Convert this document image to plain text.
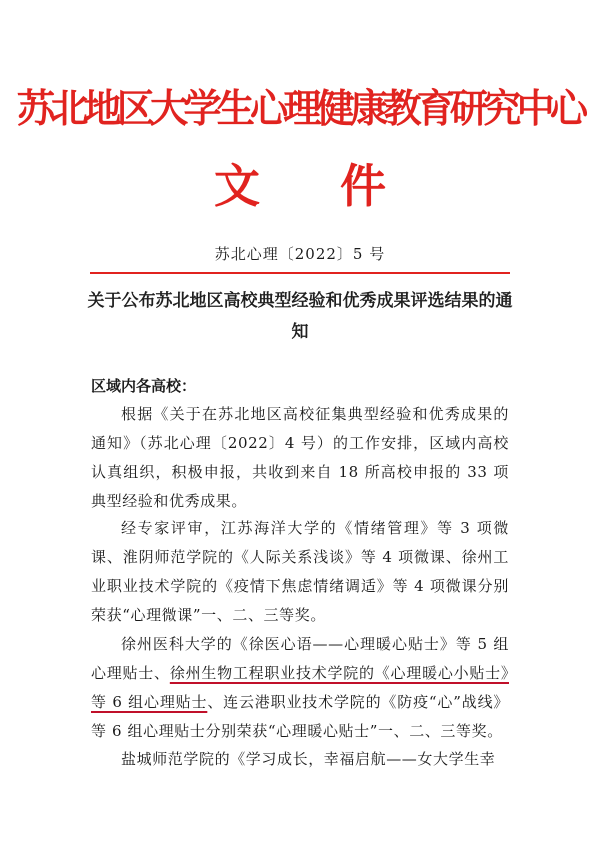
苏北地区大学生心理健康教育研究中心
文 件
苏北心理〔2022〕5 号
关于公布苏北地区高校典型经验和优秀成果评选结果的通知
区域内各高校：

根据《关于在苏北地区高校征集典型经验和优秀成果的通知》（苏北心理〔2022〕4 号）的工作安排，区域内高校认真组织，积极申报，共收到来自 18 所高校申报的 33 项典型经验和优秀成果。

经专家评审，江苏海洋大学的《情绪管理》等 3 项微课、淮阴师范学院的《人际关系浅谈》等 4 项微课、徐州工业职业技术学院的《疫情下焦虑情绪调适》等 4 项微课分别荣获“心理微课”一、二、三等奖。

徐州医科大学的《徐医心语——心理暖心贴士》等 5 组心理贴士、徐州生物工程职业技术学院的《心理暖心小贴士》等 6 组心理贴士、连云港职业技术学院的《防疫“心”战线》等 6 组心理贴士分别荣获“心理暖心贴士”一、二、三等奖。

盐城师范学院的《学习成长，幸福启航——女大学生幸
